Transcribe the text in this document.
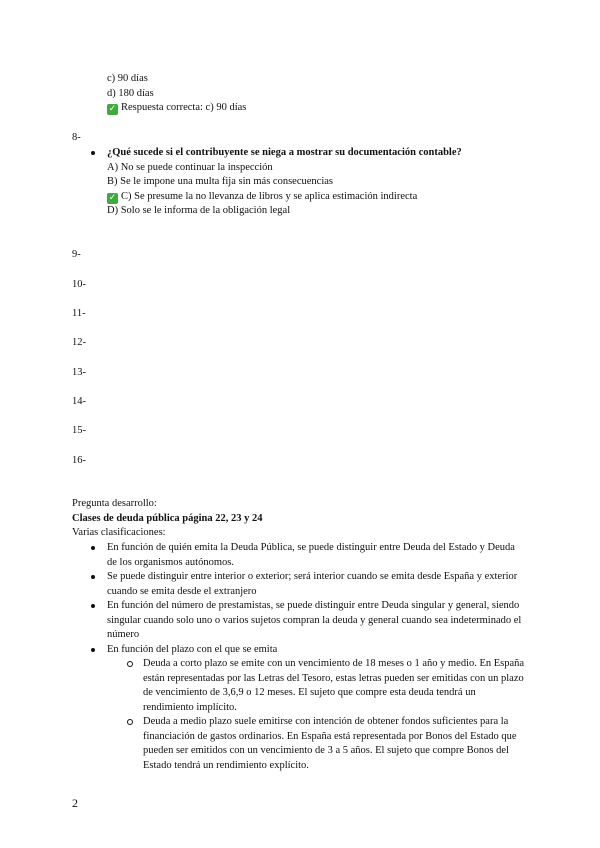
c) 90 días
d) 180 días
✓ Respuesta correcta: c) 90 días
8-
¿Qué sucede si el contribuyente se niega a mostrar su documentación contable?
A) No se puede continuar la inspección
B) Se le impone una multa fija sin más consecuencias
✓ C) Se presume la no llevanza de libros y se aplica estimación indirecta
D) Solo se le informa de la obligación legal
9-
10-
11-
12-
13-
14-
15-
16-
Pregunta desarrollo:
Clases de deuda pública página 22, 23 y 24
Varias clasificaciones:
En función de quién emita la Deuda Pública, se puede distinguir entre Deuda del Estado y Deuda de los organismos autónomos.
Se puede distinguir entre interior o exterior; será interior cuando se emita desde España y exterior cuando se emita desde el extranjero
En función del número de prestamistas, se puede distinguir entre Deuda singular y general, siendo singular cuando solo uno o varios sujetos compran la deuda y general cuando sea indeterminado el número
En función del plazo con el que se emita
Deuda a corto plazo se emite con un vencimiento de 18 meses o 1 año y medio. En España están representadas por las Letras del Tesoro, estas letras pueden ser emitidas con un plazo de vencimiento de 3,6,9 o 12 meses. El sujeto que compre esta deuda tendrá un rendimiento implícito.
Deuda a medio plazo suele emitirse con intención de obtener fondos suficientes para la financiación de gastos ordinarios. En España está representada por Bonos del Estado que pueden ser emitidos con un vencimiento de 3 a 5 años. El sujeto que compre Bonos del Estado tendrá un rendimiento explícito.
2
